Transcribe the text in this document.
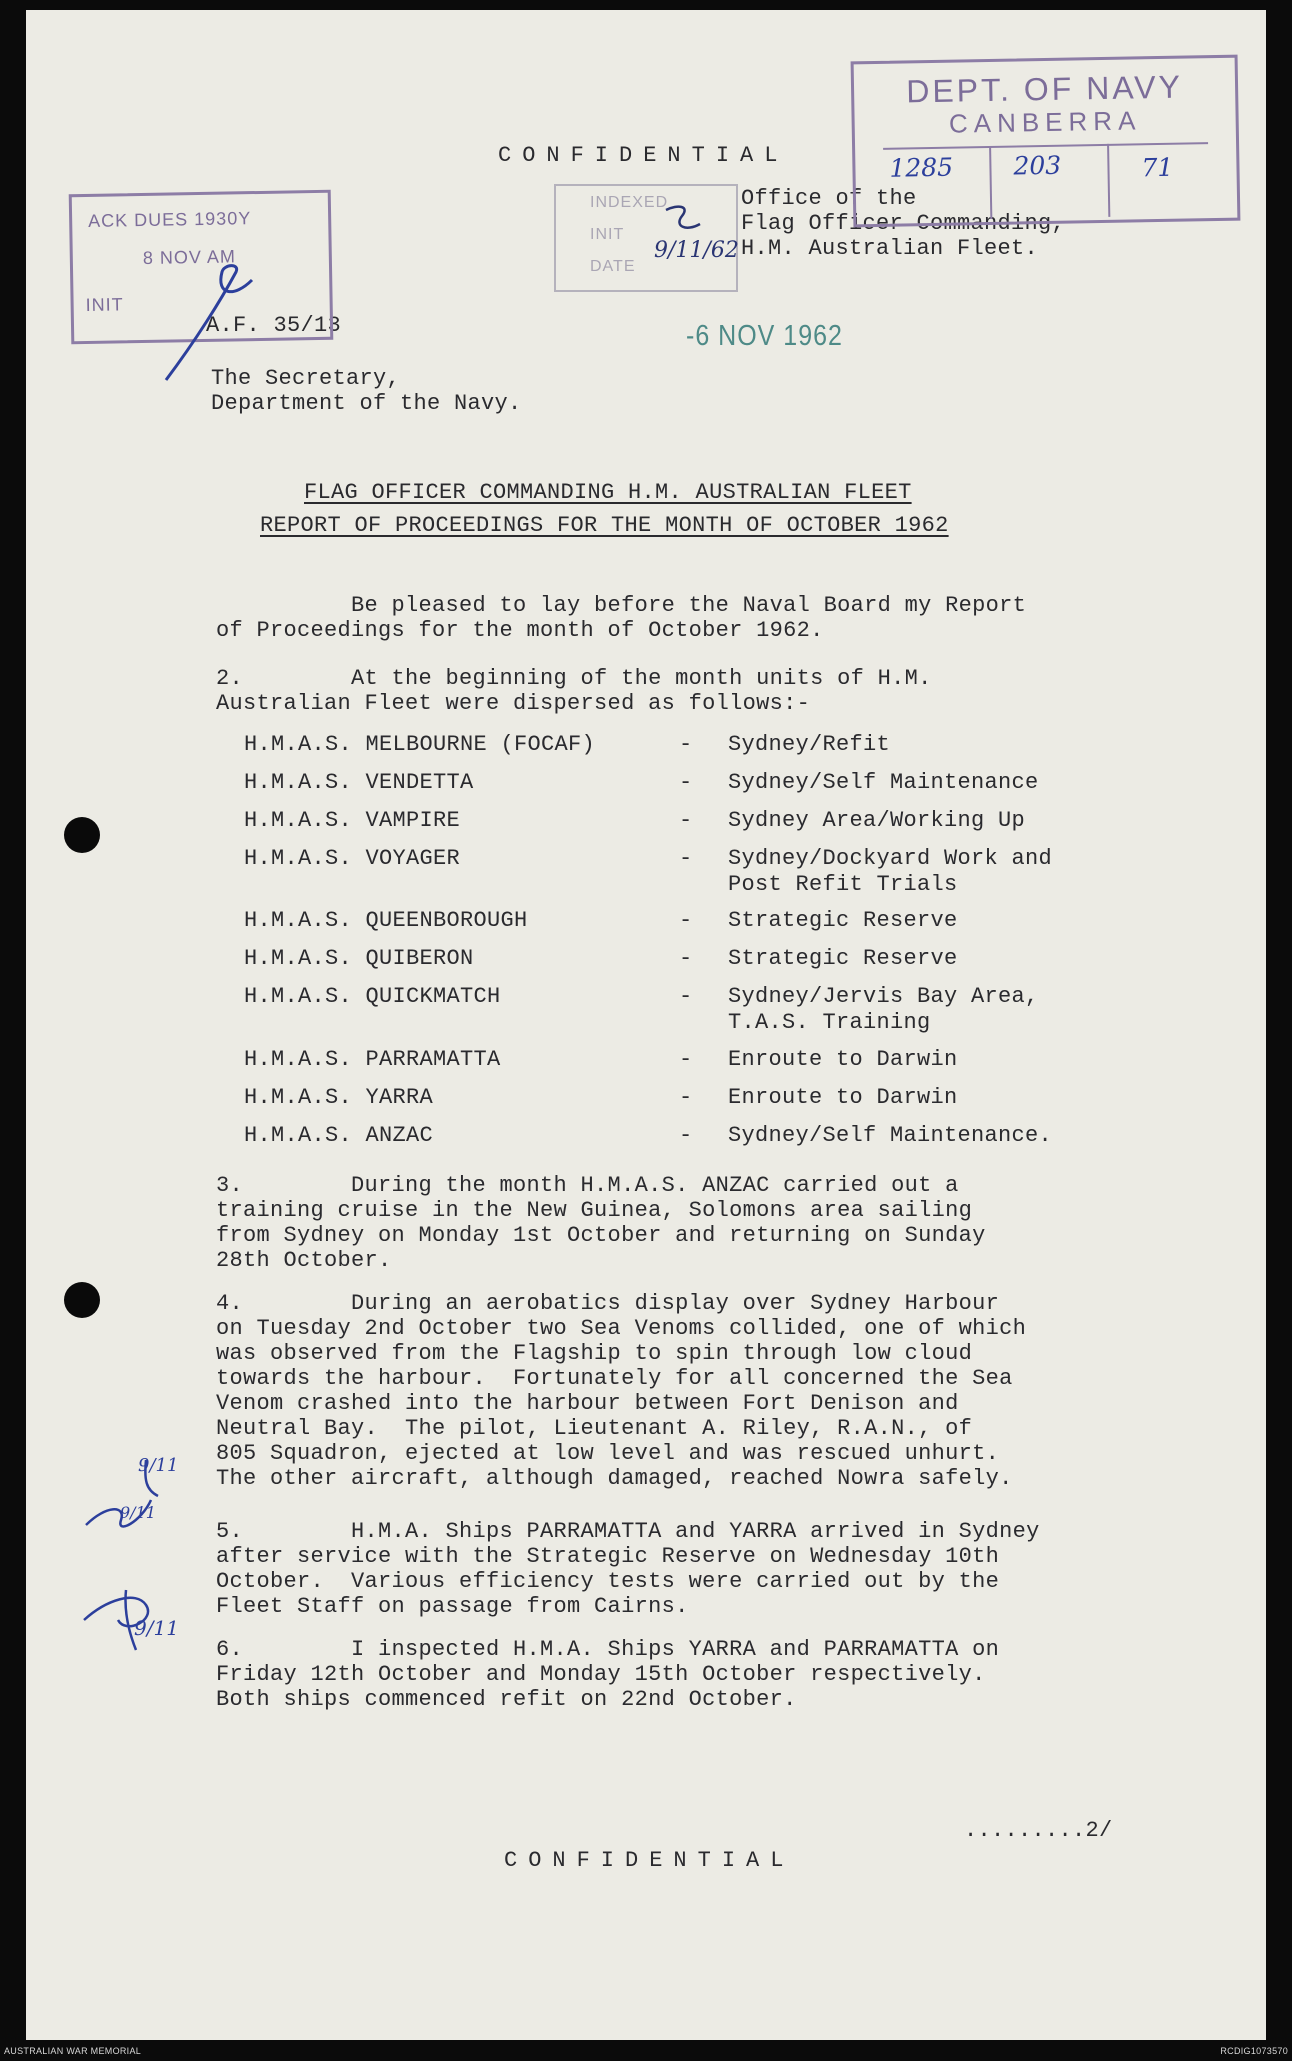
CONFIDENTIAL
Office of the
Flag Officer Commanding,
H.M. Australian Fleet.
A.F. 35/13	-6 NOV 1962
The Secretary,
Department of the Navy.
DEPT. OF NAVY
CANBERRA
1285 203	71
ACK DUES 1930Y
8 NOV AM
INIT
INDEXED
INIT
DATE
9/11/62
9/11
9/11
9/11
FLAG OFFICER COMMANDING H.M. AUSTRALIAN FLEET
REPORT OF PROCEEDINGS FOR THE MONTH OF OCTOBER 1962
Be pleased to lay before the Naval Board my Report
of Proceedings for the month of October 1962.
2.        At the beginning of the month units of H.M.
Australian Fleet were dispersed as follows:-
H.M.A.S. MELBOURNE (FOCAF)	- Sydney/Refit
H.M.A.S. VENDETTA	- Sydney/Self Maintenance
H.M.A.S. VAMPIRE	- Sydney Area/Working Up
H.M.A.S. VOYAGER	- Sydney/Dockyard Work and
Post Refit Trials
H.M.A.S. QUEENBOROUGH	- Strategic Reserve
H.M.A.S. QUIBERON	- Strategic Reserve
H.M.A.S. QUICKMATCH	- Sydney/Jervis Bay Area,
T.A.S. Training
H.M.A.S. PARRAMATTA	- Enroute to Darwin
H.M.A.S. YARRA	- Enroute to Darwin
H.M.A.S. ANZAC	- Sydney/Self Maintenance.
3.        During the month H.M.A.S. ANZAC carried out a
training cruise in the New Guinea, Solomons area sailing
from Sydney on Monday 1st October and returning on Sunday
28th October.
4.        During an aerobatics display over Sydney Harbour
on Tuesday 2nd October two Sea Venoms collided, one of which
was observed from the Flagship to spin through low cloud
towards the harbour.  Fortunately for all concerned the Sea
Venom crashed into the harbour between Fort Denison and
Neutral Bay.  The pilot, Lieutenant A. Riley, R.A.N., of
805 Squadron, ejected at low level and was rescued unhurt.
The other aircraft, although damaged, reached Nowra safely.
5.        H.M.A. Ships PARRAMATTA and YARRA arrived in Sydney
after service with the Strategic Reserve on Wednesday 10th
October.  Various efficiency tests were carried out by the
Fleet Staff on passage from Cairns.
6.        I inspected H.M.A. Ships YARRA and PARRAMATTA on
Friday 12th October and Monday 15th October respectively.
Both ships commenced refit on 22nd October.
.........2/
CONFIDENTIAL
AUSTRALIAN WAR MEMORIAL	RCDIG1073570
